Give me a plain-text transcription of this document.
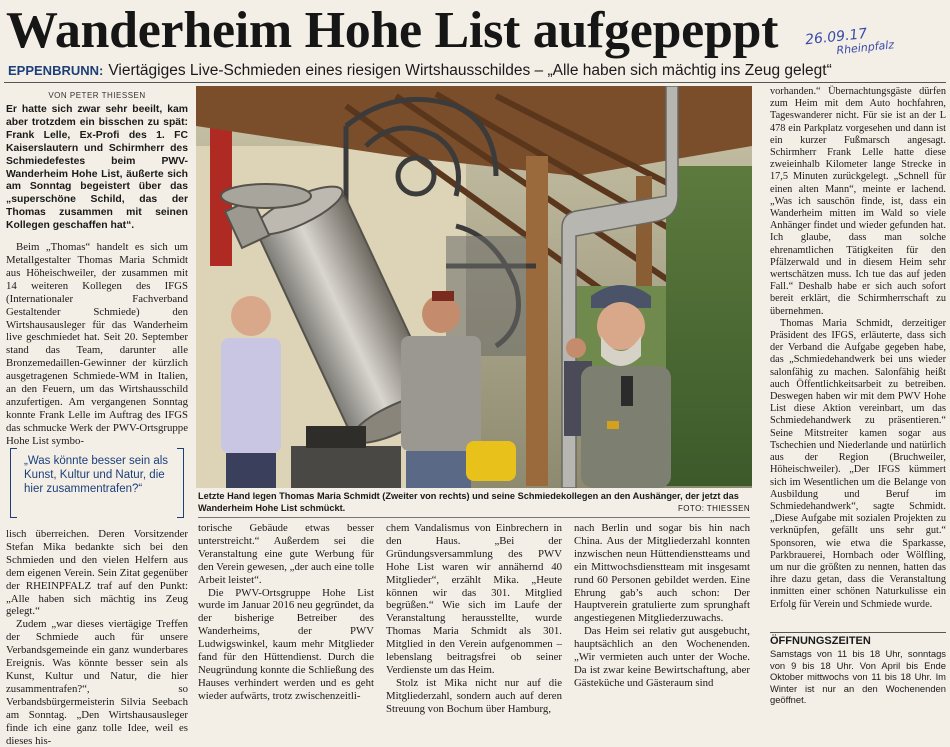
Wanderheim Hohe List aufgepeppt	26.09.17
Rheinpfalz
EPPENBRUNN: Viertägiges Live-Schmieden eines riesigen Wirtshausschildes – „Alle haben sich mächtig ins Zeug gelegt“
VON PETER THIESSEN

Er hatte sich zwar sehr beeilt, kam aber trotzdem ein bisschen zu spät: Frank Lelle, Ex-Profi des 1. FC Kaiserslautern und Schirmherr des Schmiedefestes beim PWV-Wanderheim Hohe List, äußerte sich am Sonntag begeistert über das „superschöne Schild, das der Thomas zusammen mit seinen Kollegen geschaffen hat“.

Beim „Thomas“ handelt es sich um Metallgestalter Thomas Maria Schmidt aus Höheischweiler, der zusammen mit 14 weiteren Kollegen des IFGS (Internationaler Fachverband Gestaltender Schmiede) den Wirtshausausleger für das Wanderheim live geschmiedet hat. Seit 20. September stand das Team, darunter alle Bronzemedaillen-Gewinner der kürzlich ausgetragenen Schmiede-WM in Italien, an den Feuern, um das Wirtshausschild anzufertigen. Am vergangenen Sonntag konnte Frank Lelle im Auftrag des IFGS das schmucke Werk der PWV-Ortsgruppe Hohe List symbo-

„Was könnte besser sein als Kunst, Kultur und Natur, die hier zusammentrafen?“

lisch überreichen. Deren Vorsitzender Stefan Mika bedankte sich bei den Schmieden und den vielen Helfern aus dem eigenen Verein. Sein Zitat gegenüber der RHEINPFALZ traf auf den Punkt: „Alle haben sich mächtig ins Zeug gelegt.“

Zudem „war dieses viertägige Treffen der Schmiede auch für unsere Verbandsgemeinde ein ganz wunderbares Ereignis. Was könnte besser sein als Kunst, Kultur und Natur, die hier zusammentrafen?“, so Verbandsbürgermeisterin Silvia Seebach am Sonntag. „Den Wirtshausausleger finde ich eine ganz tolle Idee, weil es dieses his-

Letzte Hand legen Thomas Maria Schmidt (Zweiter von rechts) und seine Schmiedekollegen an den Aushänger, der jetzt das Wanderheim Hohe List schmückt.	FOTO: THIESSEN

torische Gebäude etwas besser unterstreicht.“ Außerdem sei die Veranstaltung eine gute Werbung für den Verein gewesen, „der auch eine tolle Arbeit leistet“.

Die PWV-Ortsgruppe Hohe List wurde im Januar 2016 neu gegründet, da der bisherige Betreiber des Wanderheims, der PWV Ludwigswinkel, kaum mehr Mitglieder fand für den Hüttendienst. Durch die Neugründung konnte die Schließung des Hauses verhindert werden und es geht wieder aufwärts, trotz zwischenzeitli-

chem Vandalismus von Einbrechern in den Haus. „Bei der Gründungsversammlung des PWV Hohe List waren wir annähernd 40 Mitglieder“, erzählt Mika. „Heute können wir das 301. Mitglied begrüßen.“ Wie sich im Laufe der Veranstaltung herausstellte, wurde Thomas Maria Schmidt als 301. Mitglied in den Verein aufgenommen – lebenslang beitragsfrei ob seiner Verdienste um das Heim.

Stolz ist Mika nicht nur auf die Mitgliederzahl, sondern auch auf deren Streuung von Bochum über Hamburg,

nach Berlin und sogar bis hin nach China. Aus der Mitgliederzahl konnten inzwischen neun Hüttendienstteams und ein Mittwochsdienstteam mit insgesamt rund 60 Personen gebildet werden. Eine Ehrung gab’s auch schon: Der Hauptverein gratulierte zum sprunghaft angestiegenen Mitgliederzuwachs.

Das Heim sei relativ gut ausgebucht, hauptsächlich an den Wochenenden. „Wir vermieten auch unter der Woche. Da ist zwar keine Bewirtschaftung, aber Gästeküche und Gästeraum sind

vorhanden.“ Übernachtungsgäste dürfen zum Heim mit dem Auto hochfahren, Tageswanderer nicht. Für sie ist an der L 478 ein Parkplatz vorgesehen und dann ist ein kurzer Fußmarsch angesagt. Schirmherr Frank Lelle hatte diese zweieinhalb Kilometer lange Strecke in 17,5 Minuten zurückgelegt. „Schnell für einen alten Mann“, meinte er lachend. „Was ich sauschön finde, ist, dass ein Wanderheim mitten im Wald so viele Anhänger findet und wieder gefunden hat. Ich glaube, dass man solche ehrenamtlichen Tätigkeiten für den Pfälzerwald und in diesem Heim sehr wertschätzen muss. Ich tue das auf jeden Fall.“ Deshalb habe er sich auch sofort bereit erklärt, die Schirmherrschaft zu übernehmen.

Thomas Maria Schmidt, derzeitiger Präsident des IFGS, erläuterte, dass sich der Verband die Aufgabe gegeben habe, das „Schmiedehandwerk bei uns wieder salonfähig zu machen. Salonfähig heißt auch Öffentlichkeitsarbeit zu betreiben. Deswegen haben wir mit dem PWV Hohe List diese Aktion vereinbart, um das Schmiedehandwerk zu präsentieren.“ Seine Mitstreiter kamen sogar aus Tschechien und Niederlande und natürlich aus der Region (Bruchweiler, Höheischweiler). „Der IFGS kümmert sich im Wesentlichen um die Belange von Ausbildung und Beruf im Schmiedehandwerk“, sagte Schmidt. „Diese Aufgabe mit sozialen Projekten zu verknüpfen, gefällt uns sehr gut.“ Sponsoren, wie etwa die Sparkasse, Parkbrauerei, Hornbach oder Wölfling, um nur die größten zu nennen, hatten das ihre dazu getan, dass die Veranstaltung inmitten einer schönen Naturkulisse ein Erfolg für Verein und Schmiede wurde.

ÖFFNUNGSZEITEN
Samstags von 11 bis 18 Uhr, sonntags von 9 bis 18 Uhr. Von April bis Ende Oktober mittwochs von 11 bis 18 Uhr. Im Winter ist nur an den Wochenenden geöffnet.
